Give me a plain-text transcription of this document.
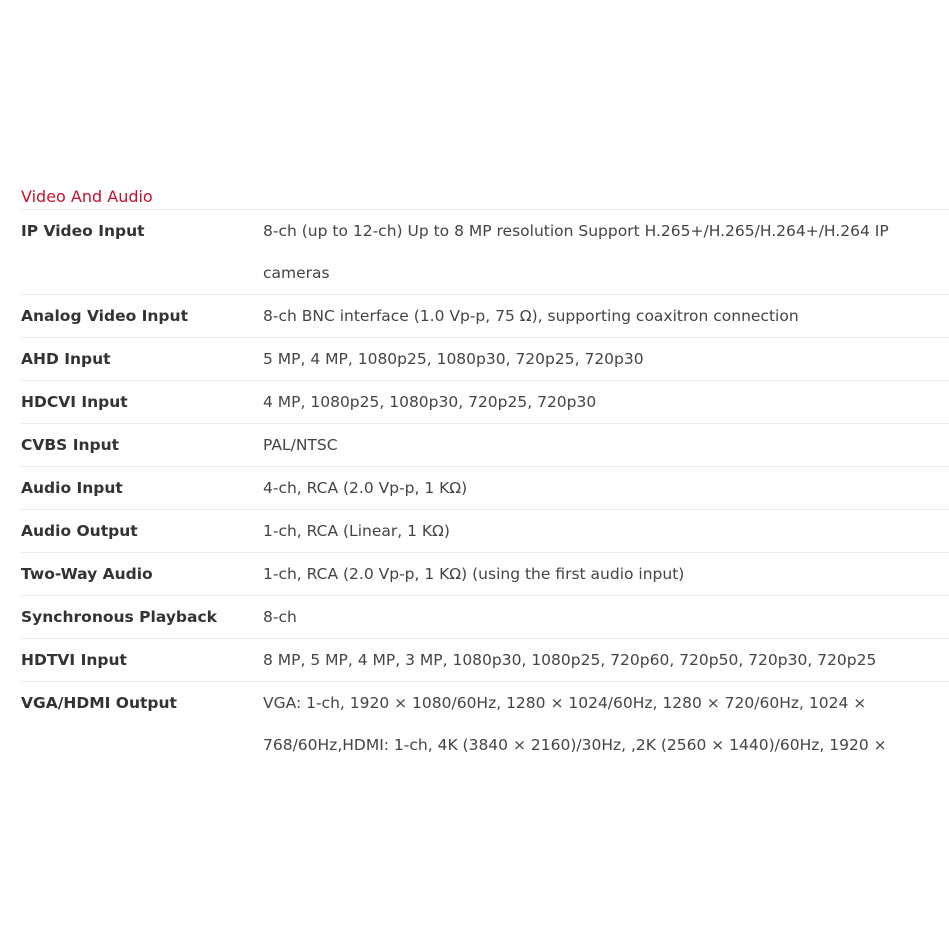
Video And Audio
IP Video Input	8-ch (up to 12-ch) Up to 8 MP resolution Support H.265+/H.265/H.264+/H.264 IP cameras
Analog Video Input	8-ch BNC interface (1.0 Vp-p, 75 Ω), supporting coaxitron connection
AHD Input	5 MP, 4 MP, 1080p25, 1080p30, 720p25, 720p30
HDCVI Input	4 MP, 1080p25, 1080p30, 720p25, 720p30
CVBS Input	PAL/NTSC
Audio Input	4-ch, RCA (2.0 Vp-p, 1 KΩ)
Audio Output	1-ch, RCA (Linear, 1 KΩ)
Two-Way Audio	1-ch, RCA (2.0 Vp-p, 1 KΩ) (using the first audio input)
Synchronous Playback	8-ch
HDTVI Input	8 MP, 5 MP, 4 MP, 3 MP, 1080p30, 1080p25, 720p60, 720p50, 720p30, 720p25
VGA/HDMI Output	VGA: 1-ch, 1920 × 1080/60Hz, 1280 × 1024/60Hz, 1280 × 720/60Hz, 1024 × 768/60Hz,HDMI: 1-ch, 4K (3840 × 2160)/30Hz, ,2K (2560 × 1440)/60Hz, 1920 ×
